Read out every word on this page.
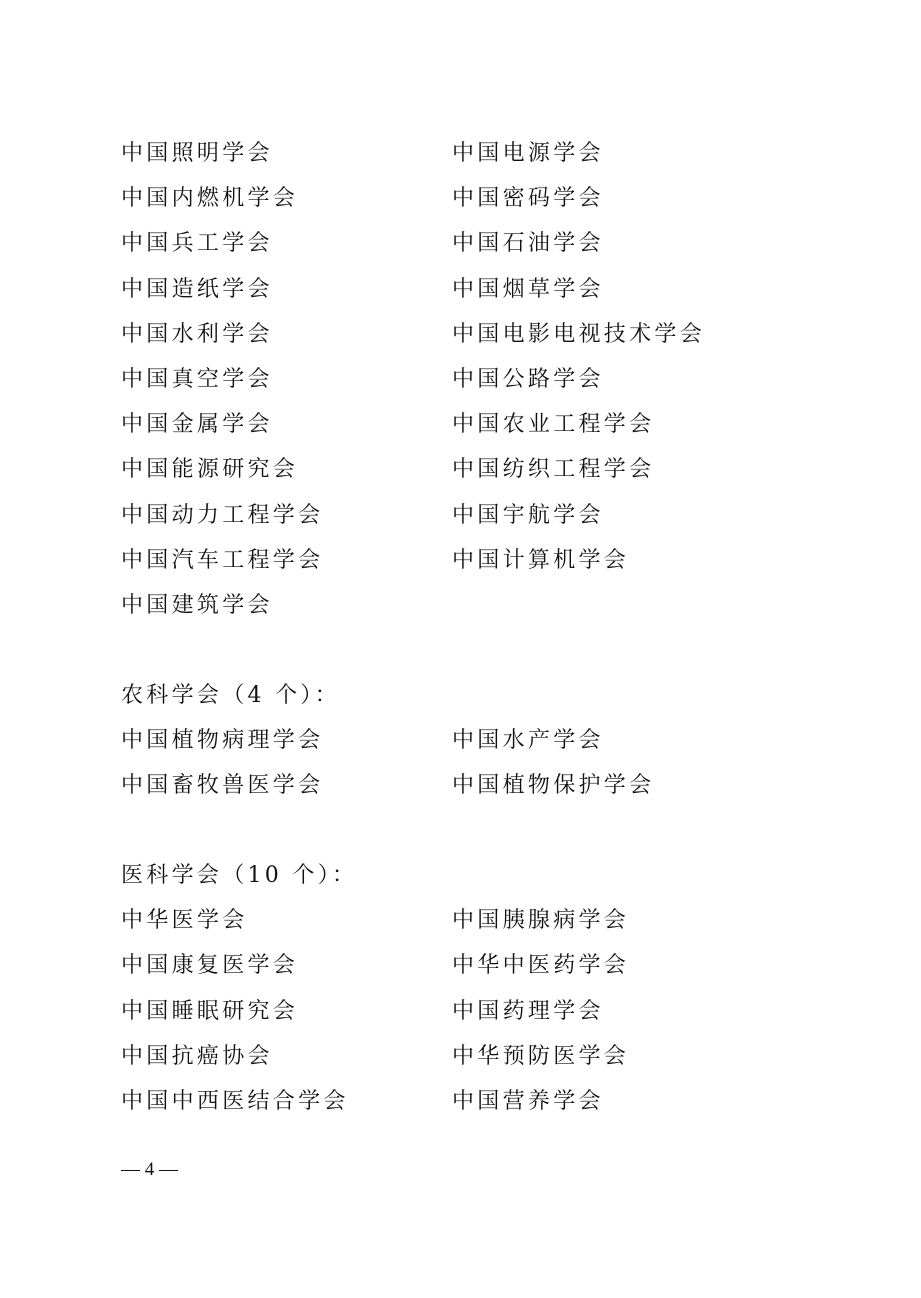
中国照明学会	中国电源学会
中国内燃机学会	中国密码学会
中国兵工学会	中国石油学会
中国造纸学会	中国烟草学会
中国水利学会	中国电影电视技术学会
中国真空学会	中国公路学会
中国金属学会	中国农业工程学会
中国能源研究会	中国纺织工程学会
中国动力工程学会	中国宇航学会
中国汽车工程学会	中国计算机学会
中国建筑学会
农科学会（4 个）：
中国植物病理学会	中国水产学会
中国畜牧兽医学会	中国植物保护学会
医科学会（10 个）：
中华医学会	中国胰腺病学会
中国康复医学会	中华中医药学会
中国睡眠研究会	中国药理学会
中国抗癌协会	中华预防医学会
中国中西医结合学会	中国营养学会
— 4 —
